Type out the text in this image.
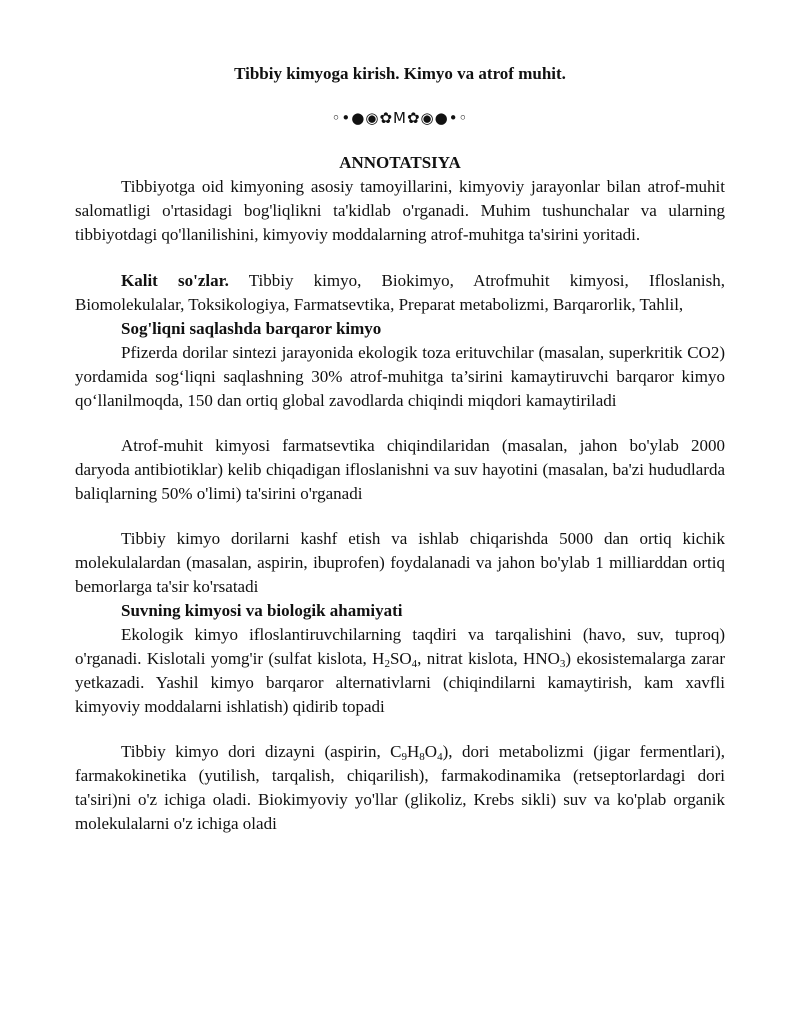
Tibbiy kimyoga kirish. Kimyo va atrof muhit.
◦•●◉✿M✿◉●•◦
ANNOTATSIYA

Tibbiyotga oid kimyoning asosiy tamoyillarini, kimyoviy jarayonlar bilan atrof-muhit salomatligi o'rtasidagi bog'liqlikni ta'kidlab o'rganadi. Muhim tushunchalar va ularning tibbiyotdagi qo'llanilishini, kimyoviy moddalarning atrof-muhitga ta'sirini yoritadi.

Kalit so'zlar. Tibbiy kimyo, Biokimyo, Atrofmuhit kimyosi, Ifloslanish, Biomolekulalar, Toksikologiya, Farmatsevtika, Preparat metabolizmi, Barqarorlik, Tahlil,

Sog'liqni saqlashda barqaror kimyo

Pfizerda dorilar sintezi jarayonida ekologik toza erituvchilar (masalan, superkritik CO2) yordamida sog‘liqni saqlashning 30% atrof-muhitga ta’sirini kamaytiruvchi barqaror kimyo qo‘llanilmoqda, 150 dan ortiq global zavodlarda chiqindi miqdori kamaytiriladi

Atrof-muhit kimyosi farmatsevtika chiqindilaridan (masalan, jahon bo'ylab 2000 daryoda antibiotiklar) kelib chiqadigan ifloslanishni va suv hayotini (masalan, ba'zi hududlarda baliqlarning 50% o'limi) ta'sirini o'rganadi

Tibbiy kimyo dorilarni kashf etish va ishlab chiqarishda 5000 dan ortiq kichik molekulalardan (masalan, aspirin, ibuprofen) foydalanadi va jahon bo'ylab 1 milliarddan ortiq bemorlarga ta'sir ko'rsatadi

Suvning kimyosi va biologik ahamiyati

Ekologik kimyo ifloslantiruvchilarning taqdiri va tarqalishini (havo, suv, tuproq) o'rganadi. Kislotali yomg'ir (sulfat kislota, $H_2SO_4$, nitrat kislota, $HNO_3$) ekosistemalarga zarar yetkazadi. Yashil kimyo barqaror alternativlarni (chiqindilarni kamaytirish, kam xavfli kimyoviy moddalarni ishlatish) qidirib topadi

Tibbiy kimyo dori dizayni (aspirin, $C_9H_8O_4$), dori metabolizmi (jigar fermentlari), farmakokinetika (yutilish, tarqalish, chiqarilish), farmakodinamika (retseptorlardagi dori ta'siri)ni o'z ichiga oladi. Biokimyoviy yo'llar (glikoliz, Krebs sikli) suv va ko'plab organik molekulalarni o'z ichiga oladi
